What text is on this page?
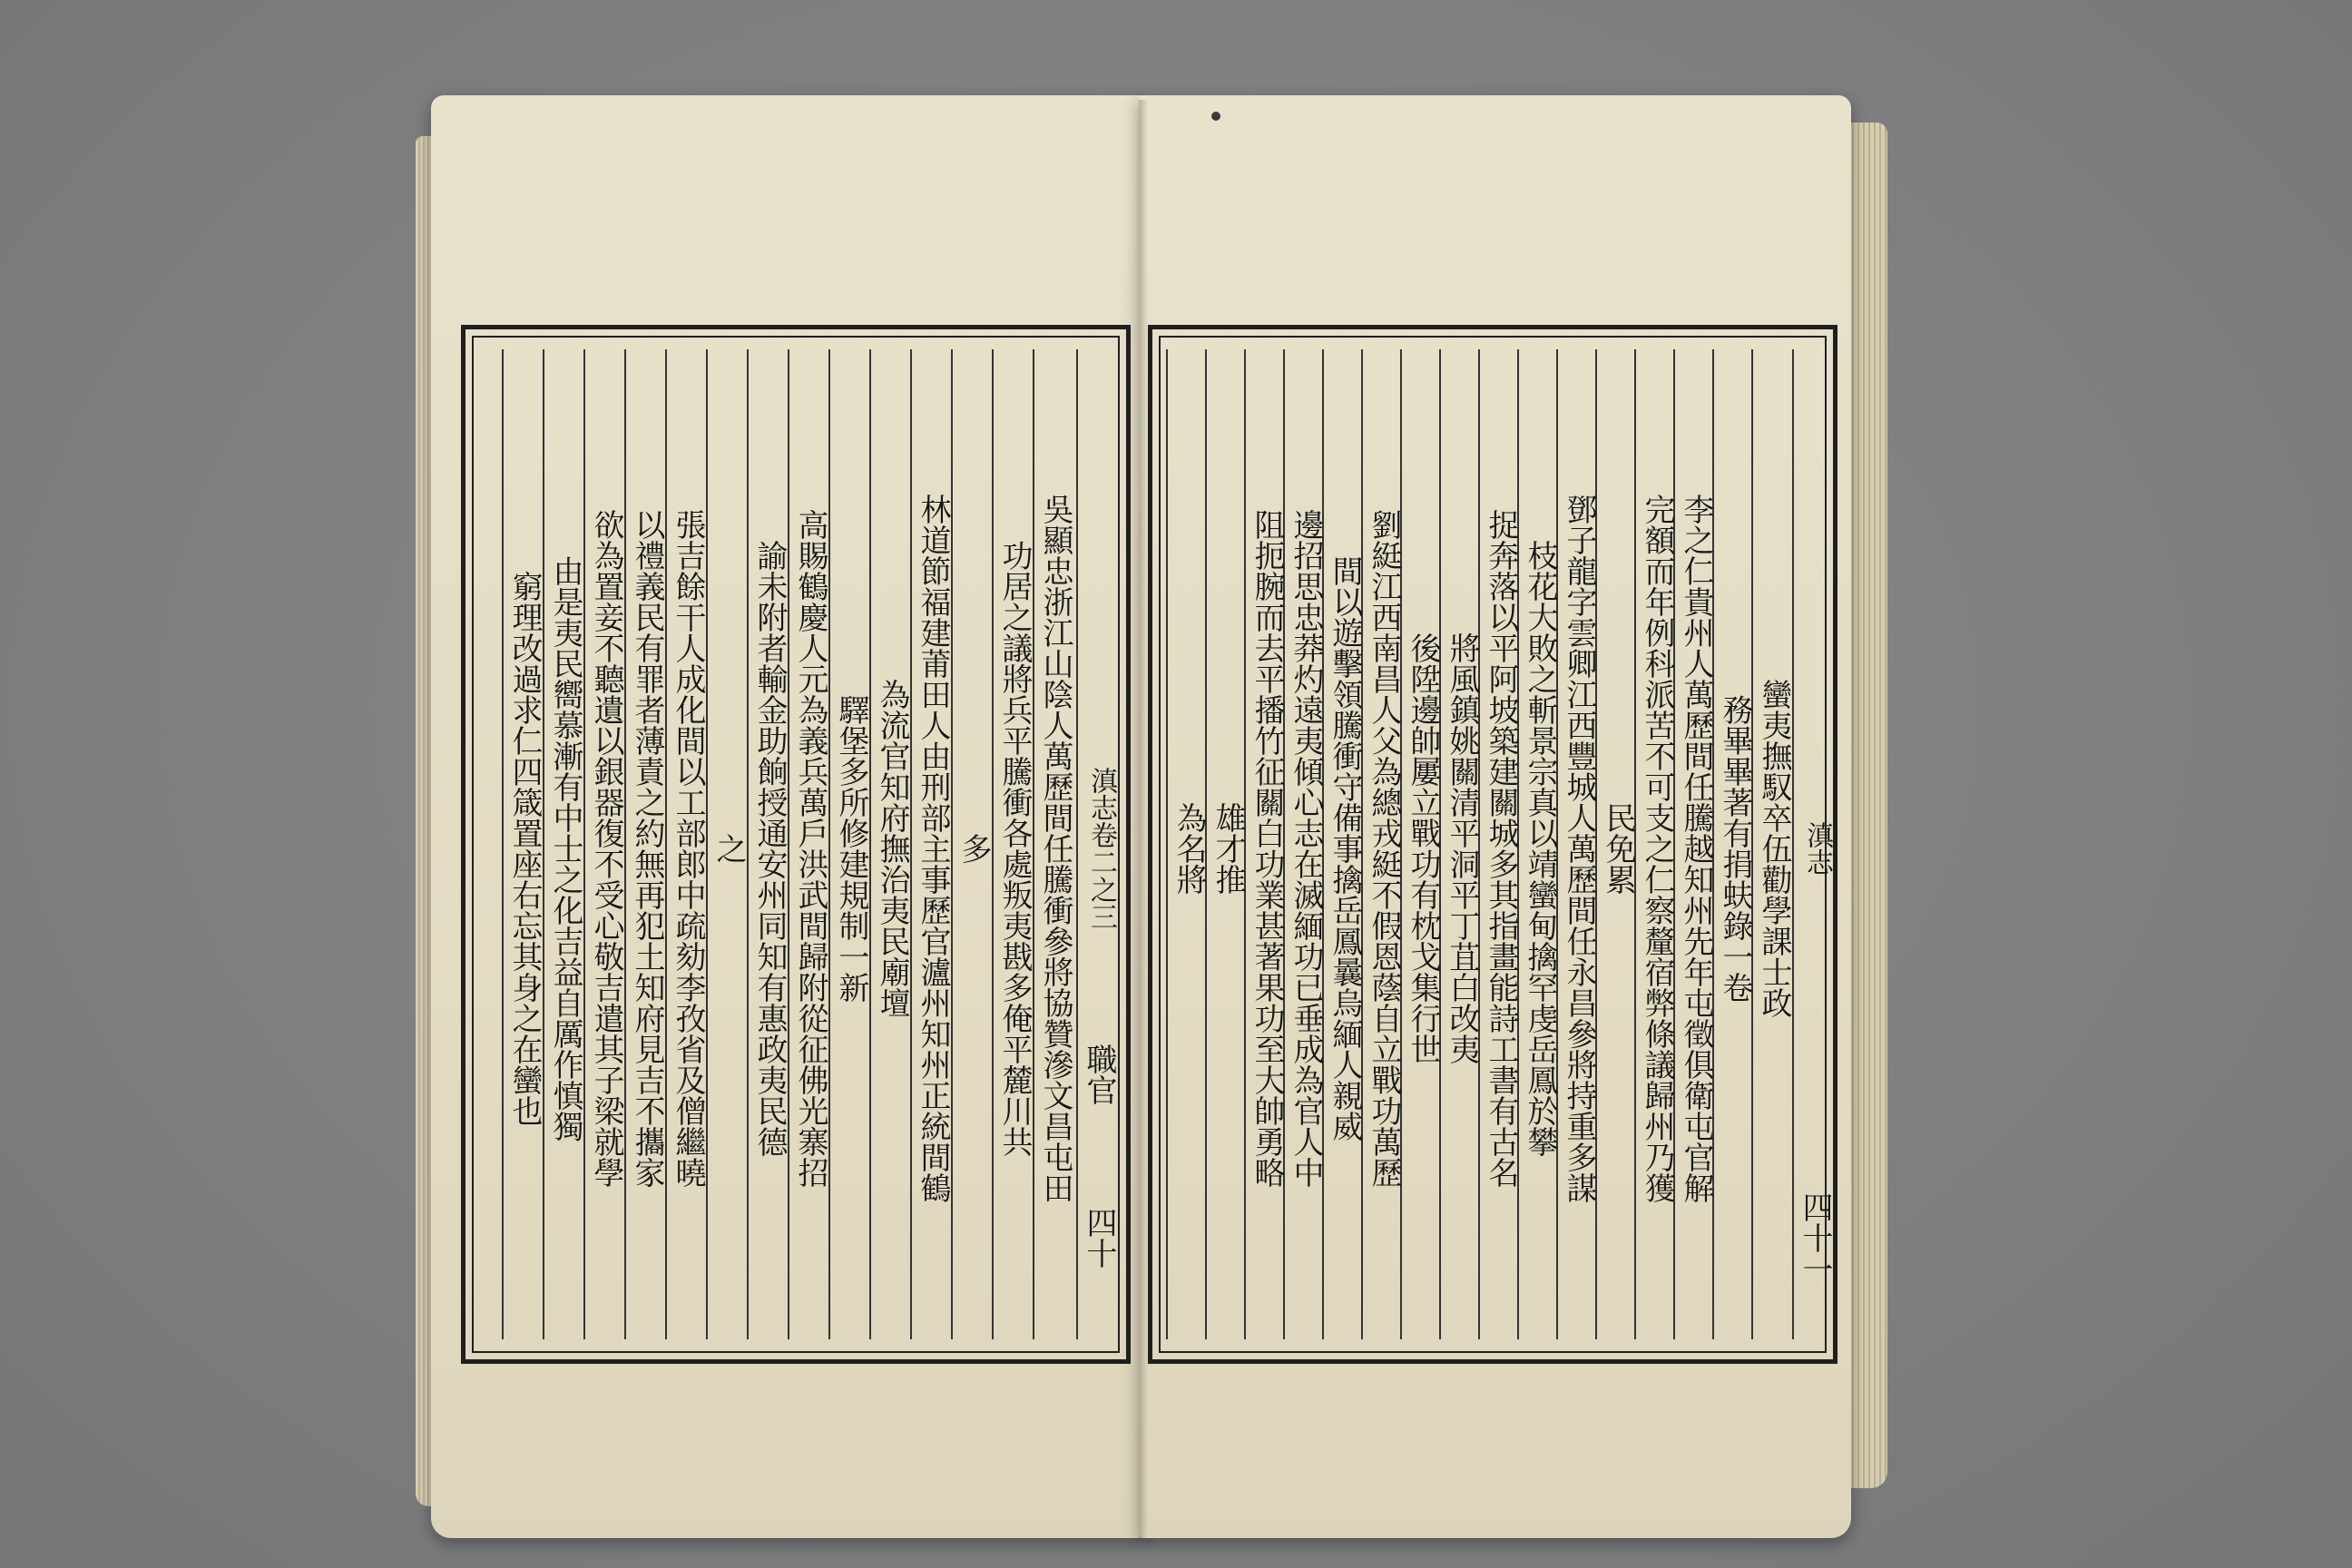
滇志卷二之三
職官
四十
吳顯忠浙江山陰人萬歷間任騰衝參將協贊滲文昌屯田
功居之議將兵平騰衝各處叛夷戡多俺平麓川共
多
林道節福建莆田人由刑部主事歷官瀘州知州正統間鶴
為流官知府撫治夷民廟壇
驛堡多所修建規制一新
高賜鶴慶人元為義兵萬戶洪武間歸附從征佛光寨招
諭未附者輸金助餉授通安州同知有惠政夷民德
之
張吉餘干人成化間以工部郎中疏劾李孜省及僧繼曉
以禮義民有罪者薄責之約無再犯土知府見吉不攜家
欲為置妾不聽遺以銀器復不受心敬吉遣其子梁就學
由是夷民嚮慕漸有中士之化吉益自厲作慎獨
窮理改過求仁四箴置座右忘其身之在蠻也	滇志
四十一
蠻夷撫馭卒伍勸學課士政
務畢畢著有捐蚨錄一卷
李之仁貴州人萬歷間任騰越知州先年屯徵俱衛屯官解
完額而年例科派苦不可支之仁察釐宿弊條議歸州乃獲
民免累
鄧子龍字雲卿江西豐城人萬歷間任永昌參將持重多謀
枝花大敗之斬景宗真以靖蠻甸擒罕虔岳鳳於攀
捉奔落以平阿坡築建關城多其指畫能詩工書有古名
將風鎮姚關清平洞平丁苴白改夷
後陞邊帥屢立戰功有枕戈集行世
劉綎江西南昌人父為總戎綎不假恩蔭自立戰功萬歷
間以遊擊領騰衝守備事擒岳鳳曩烏緬人親威
邊招思忠莽灼遠夷傾心志在滅緬功已垂成為官人中
阻扼腕而去平播竹征關白功業甚著果功至大帥勇略
雄才推
為名將
